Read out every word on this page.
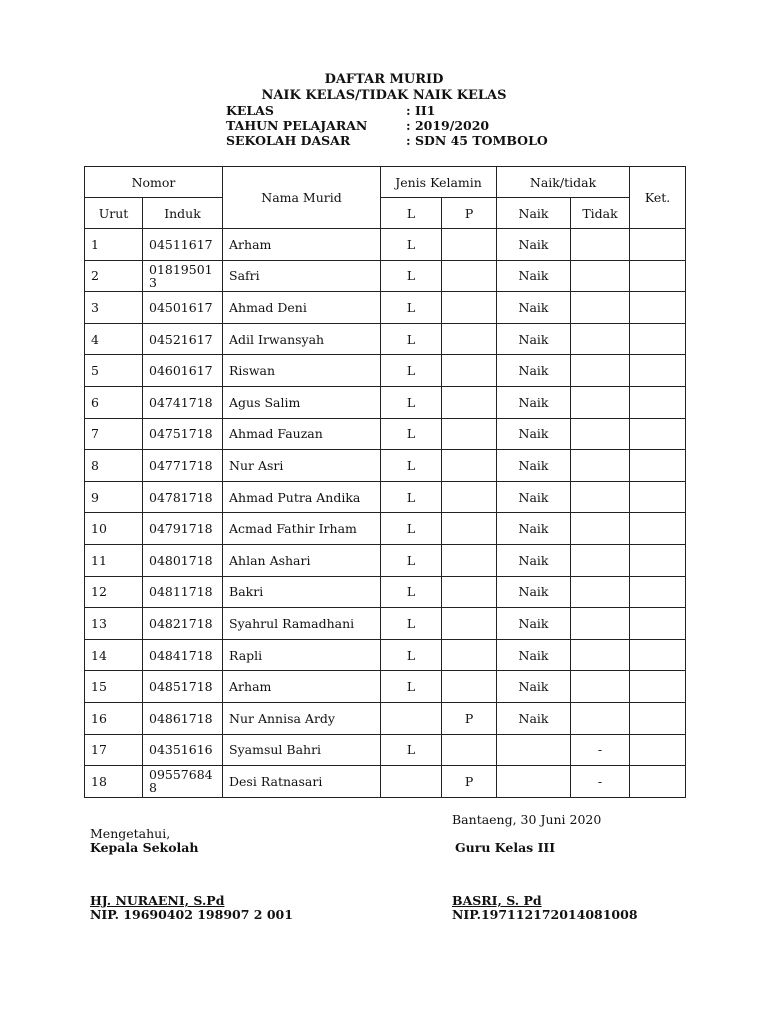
DAFTAR MURID
NAIK KELAS/TIDAK NAIK KELAS
KELAS	: II1
TAHUN PELAJARAN	: 2019/2020
SEKOLAH DASAR	: SDN 45 TOMBOLO
Nomor		Nama Murid	Jenis Kelamin		Naik/tidak		Ket.
Urut	Induk		L	P	Naik	Tidak	
1	04511617	Arham	L		Naik		
2	018195013	Safri	L		Naik		
3	04501617	Ahmad Deni	L		Naik		
4	04521617	Adil Irwansyah	L		Naik		
5	04601617	Riswan	L		Naik		
6	04741718	Agus Salim	L		Naik		
7	04751718	Ahmad Fauzan	L		Naik		
8	04771718	Nur Asri	L		Naik		
9	04781718	Ahmad Putra Andika	L		Naik		
10	04791718	Acmad Fathir Irham	L		Naik		
11	04801718	Ahlan Ashari	L		Naik		
12	04811718	Bakri	L		Naik		
13	04821718	Syahrul Ramadhani	L		Naik		
14	04841718	Rapli	L		Naik		
15	04851718	Arham	L		Naik		
16	04861718	Nur Annisa Ardy		P	Naik		
17	04351616	Syamsul Bahri	L			-	
18	095576848	Desi Ratnasari		P		-	
Bantaeng, 30 Juni 2020
Mengetahui,
Kepala Sekolah	Guru Kelas III
HJ. NURAENI, S.Pd
NIP. 19690402 198907 2 001
BASRI, S. Pd
NIP.197112172014081008
